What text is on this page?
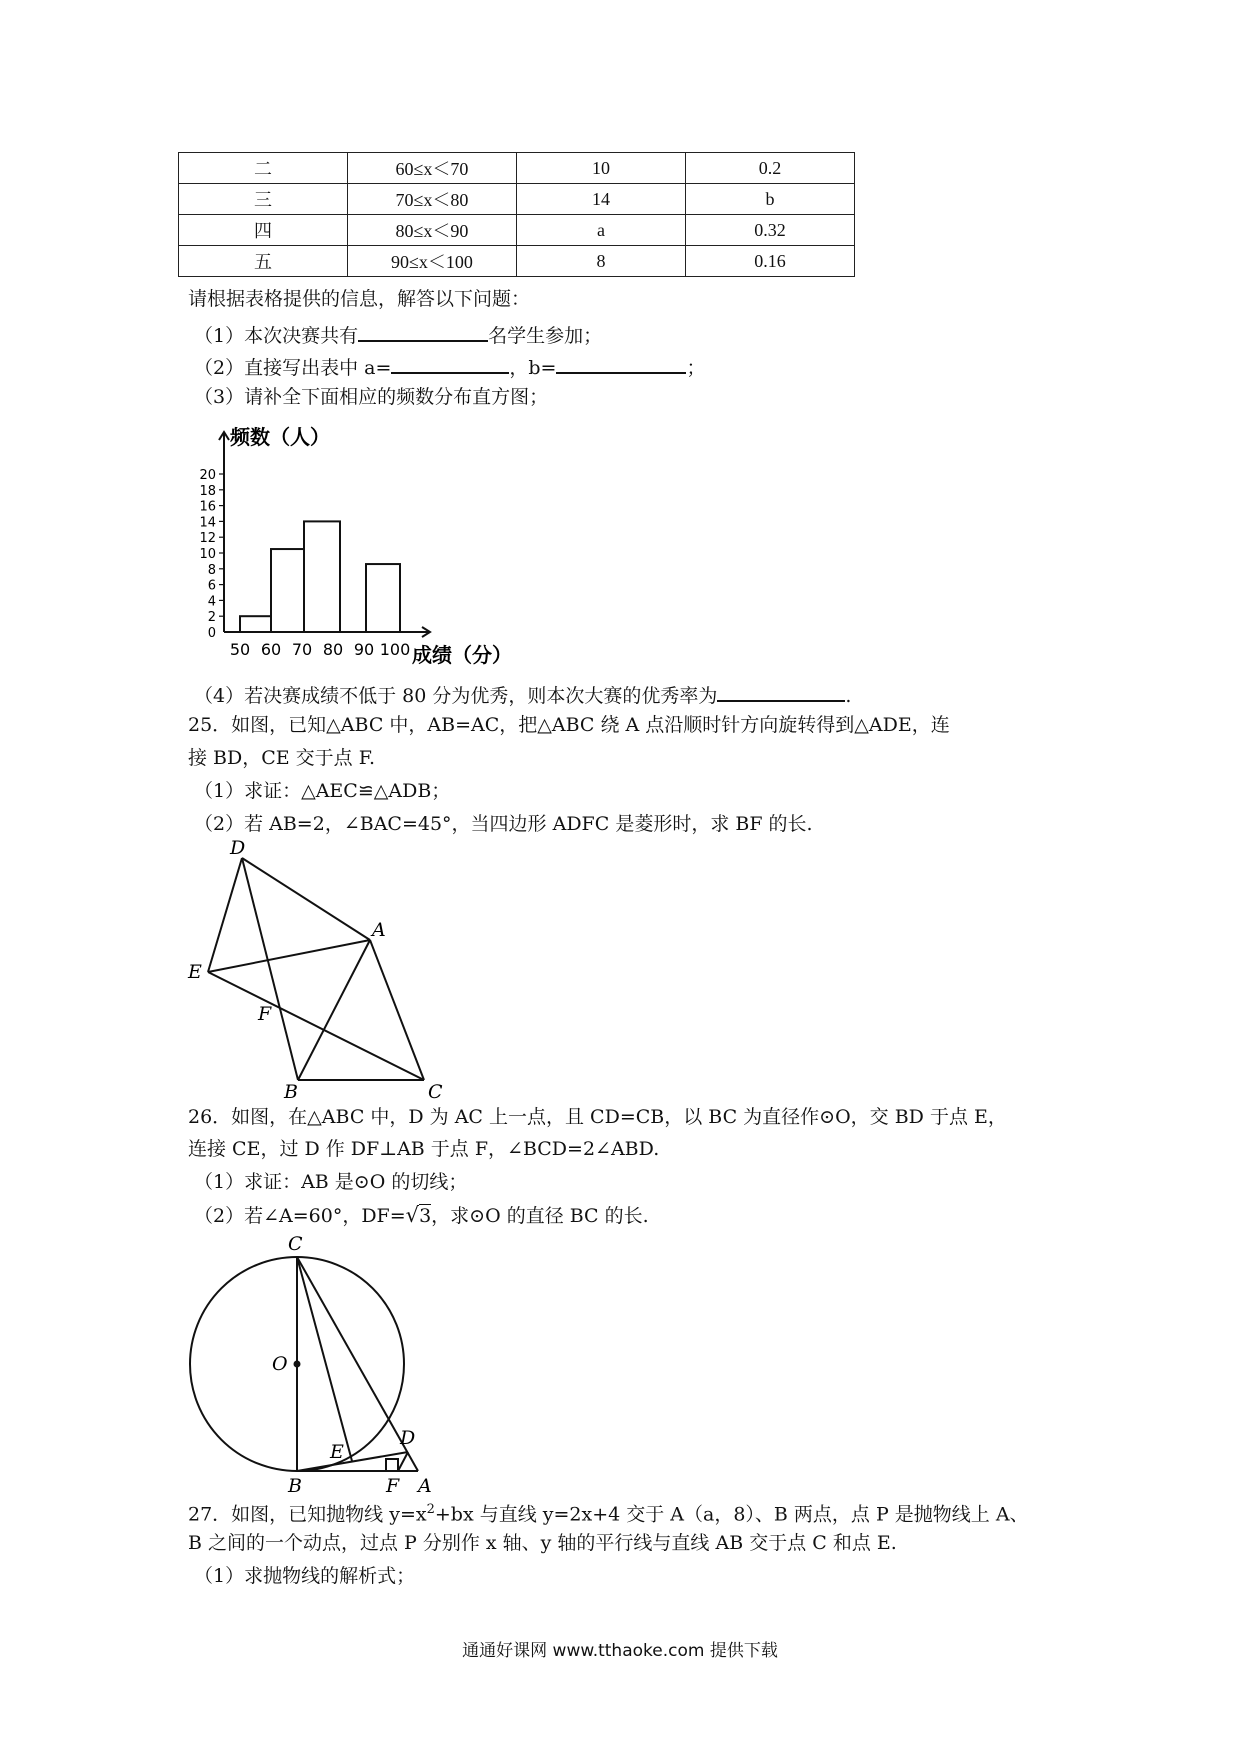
二	60≤x＜70	10	0.2
三	70≤x＜80	14	b
四	80≤x＜90	a	0.32
五	90≤x＜100	8	0.16
请根据表格提供的信息，解答以下问题：
（1）本次决赛共有	名学生参加；
（2）直接写出表中 a=	，b=	；
（3）请补全下面相应的频数分布直方图；
0
2
4
6
8
10
12
14
16
18
20
50 60 70 80 90 100
频数（人）
成绩（分）
（4）若决赛成绩不低于 80 分为优秀，则本次大赛的优秀率为	.
25．如图，已知△ABC 中，AB=AC，把△ABC 绕 A 点沿顺时针方向旋转得到△ADE，连
接 BD，CE 交于点 F.
（1）求证：△AEC≌△ADB；
（2）若 AB=2，∠BAC=45°，当四边形 ADFC 是菱形时，求 BF 的长.
D
A
E
F
B	C
26．如图，在△ABC 中，D 为 AC 上一点，且 CD=CB，以 BC 为直径作⊙O，交 BD 于点 E，
连接 CE，过 D 作 DF⊥AB 于点 F，∠BCD=2∠ABD.
（1）求证：AB 是⊙O 的切线；
（2）若∠A=60°，DF=√3，求⊙O 的直径 BC 的长.
C
O
E
D
B	F A
27．如图，已知抛物线 $y=x^2+bx$ 与直线 y=2x+4 交于 A（a，8）、B 两点，点 P 是抛物线上 A、
B 之间的一个动点，过点 P 分别作 x 轴、y 轴的平行线与直线 AB 交于点 C 和点 E.
（1）求抛物线的解析式；
通通好课网 www.tthaoke.com 提供下载
